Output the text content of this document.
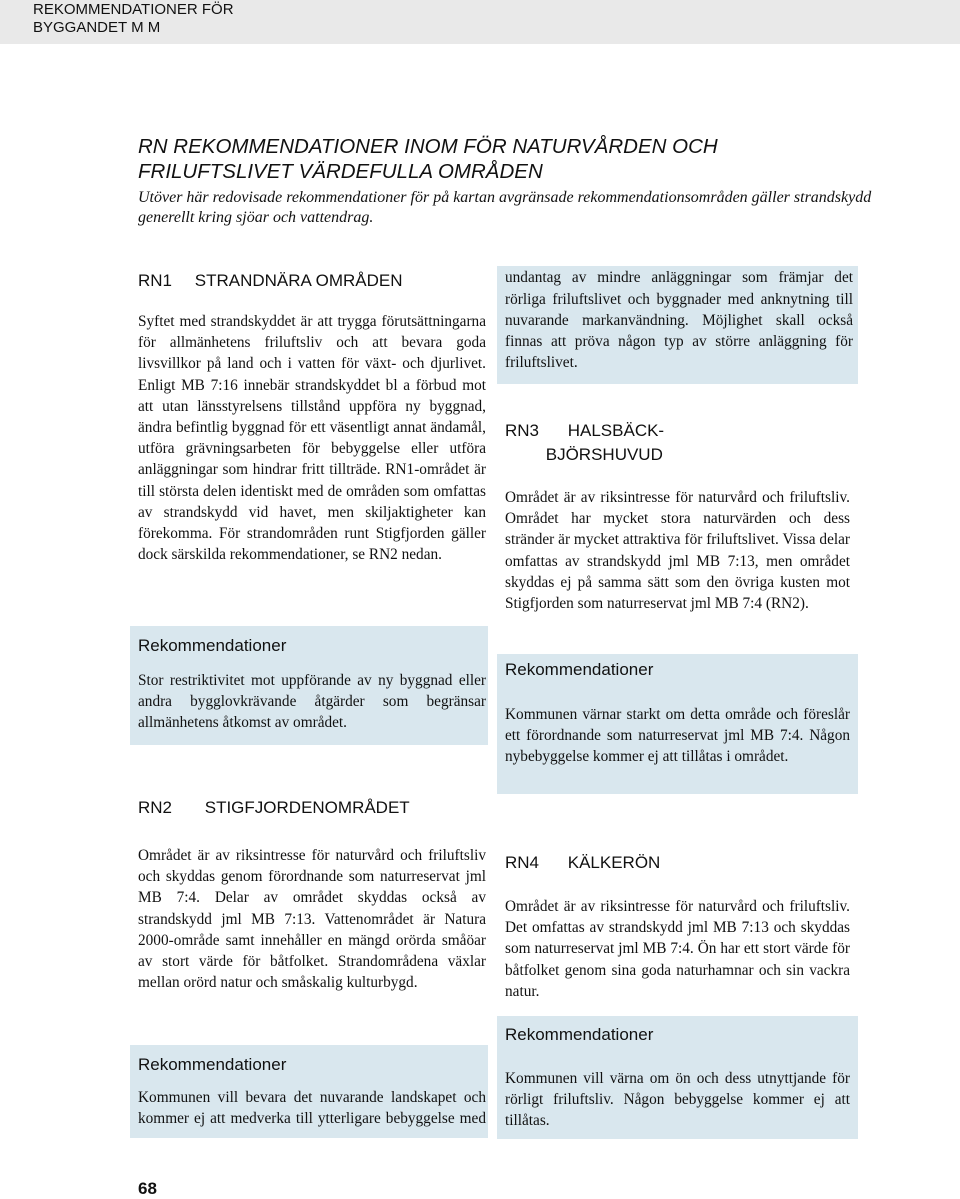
REKOMMENDATIONER FÖR
BYGGANDET M M
RN REKOMMENDATIONER INOM FÖR NATURVÅRDEN OCH
FRILUFTSLIVET VÄRDEFULLA OMRÅDEN

Utöver här redovisade rekommendationer för på kartan avgränsade rekommendationsområden gäller strandskydd generellt kring sjöar och vattendrag.

RN1 STRANDNÄRA OMRÅDEN

Syftet med strandskyddet är att trygga förutsättningarna för allmänhetens friluftsliv och att bevara goda livsvillkor på land och i vatten för växt- och djurlivet. Enligt MB 7:16 innebär strandskyddet bl a förbud mot att utan länsstyrelsens tillstånd uppföra ny byggnad, ändra befintlig byggnad för ett väsentligt annat ändamål, utföra grävningsarbeten för bebyggelse eller utföra anläggningar som hindrar fritt tillträde. RN1-området är till största delen identiskt med de områden som omfattas av strandskydd vid havet, men skiljaktigheter kan förekomma. För strandområden runt Stigfjorden gäller dock särskilda rekommendationer, se RN2 nedan.

Rekommendationer

Stor restriktivitet mot uppförande av ny byggnad eller andra bygglovkrävande åtgärder som begränsar allmänhetens åtkomst av området.

RN2 STIGFJORDENOMRÅDET

Området är av riksintresse för naturvård och friluftsliv och skyddas genom förordnande som naturreservat jml MB 7:4. Delar av området skyddas också av strandskydd jml MB 7:13. Vattenområdet är Natura 2000-område samt innehåller en mängd orörda småöar av stort värde för båtfolket. Strandområdena växlar mellan orörd natur och småskalig kulturbygd.

Rekommendationer

Kommunen vill bevara det nuvarande landskapet och kommer ej att medverka till ytterligare bebyggelse med

undantag av mindre anläggningar som främjar det rörliga friluftslivet och byggnader med anknytning till nuvarande markanvändning. Möjlighet skall också finnas att pröva någon typ av större anläggning för friluftslivet.

RN3 HALSBÄCK-
BJÖRSHUVUD

Området är av riksintresse för naturvård och friluftsliv. Området har mycket stora naturvärden och dess stränder är mycket attraktiva för friluftslivet. Vissa delar omfattas av strandskydd jml MB 7:13, men området skyddas ej på samma sätt som den övriga kusten mot Stigfjorden som naturreservat jml MB 7:4 (RN2).

Rekommendationer

Kommunen värnar starkt om detta område och föreslår ett förordnande som naturreservat jml MB 7:4. Någon nybebyggelse kommer ej att tillåtas i området.

RN4 KÄLKERÖN

Området är av riksintresse för naturvård och friluftsliv. Det omfattas av strandskydd jml MB 7:13 och skyddas som naturreservat jml MB 7:4. Ön har ett stort värde för båtfolket genom sina goda naturhamnar och sin vackra natur.

Rekommendationer

Kommunen vill värna om ön och dess utnyttjande för rörligt friluftsliv. Någon bebyggelse kommer ej att tillåtas.

68
